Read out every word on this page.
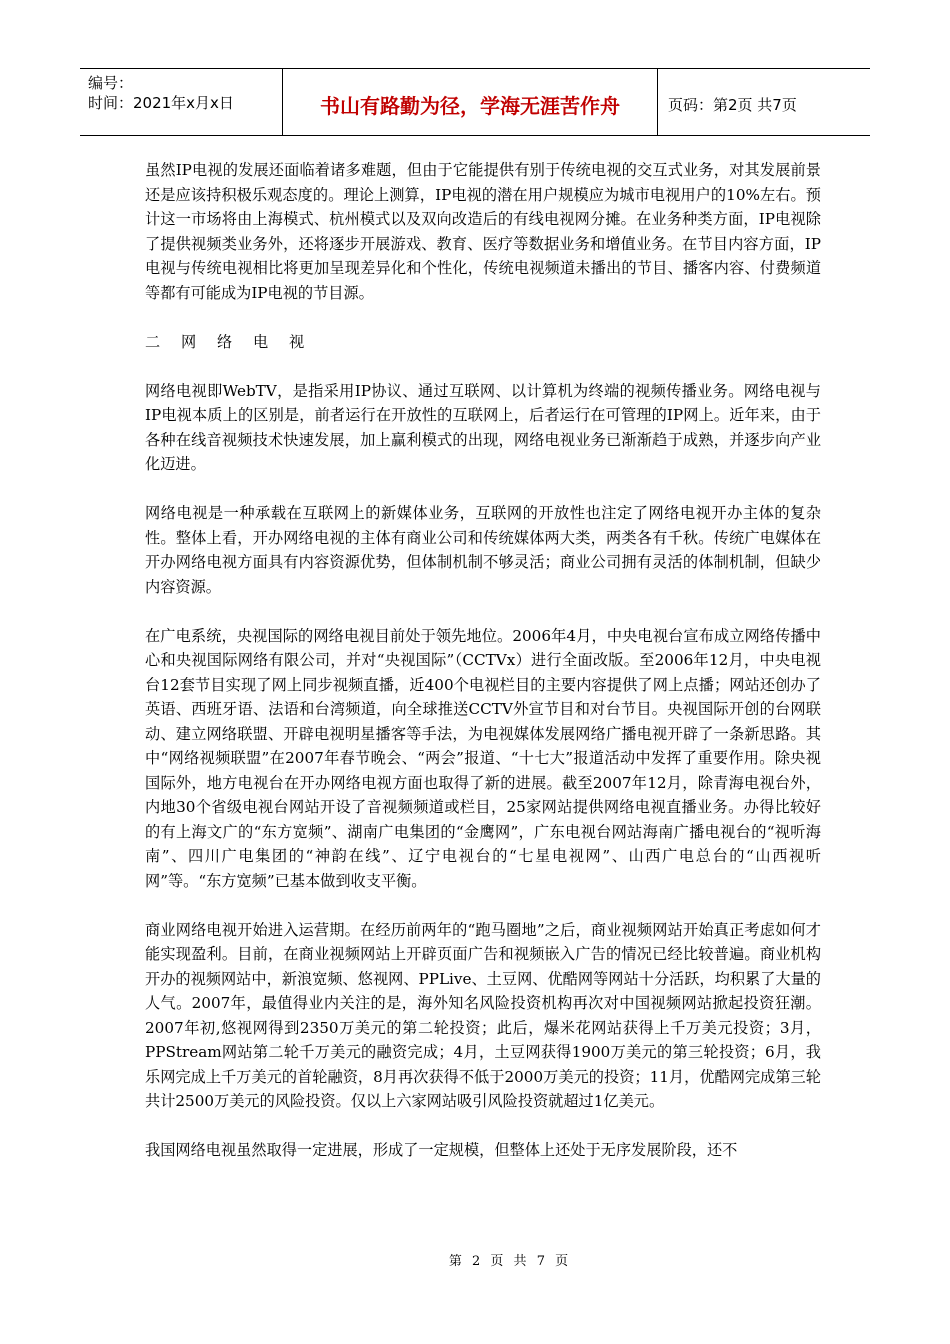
编号：
时间：2021年x月x日	书山有路勤为径，学海无涯苦作舟	页码：第2页 共7页

虽然IP电视的发展还面临着诸多难题，但由于它能提供有别于传统电视的交互式业务，对其发展前景还是应该持积极乐观态度的。理论上测算，IP电视的潜在用户规模应为城市电视用户的10%左右。预计这一市场将由上海模式、杭州模式以及双向改造后的有线电视网分摊。在业务种类方面，IP电视除了提供视频类业务外，还将逐步开展游戏、教育、医疗等数据业务和增值业务。在节目内容方面，IP电视与传统电视相比将更加呈现差异化和个性化，传统电视频道未播出的节目、播客内容、付费频道等都有可能成为IP电视的节目源。

二 网 络 电 视

网络电视即WebTV，是指采用IP协议、通过互联网、以计算机为终端的视频传播业务。网络电视与IP电视本质上的区别是，前者运行在开放性的互联网上，后者运行在可管理的IP网上。近年来，由于各种在线音视频技术快速发展，加上赢利模式的出现，网络电视业务已渐渐趋于成熟，并逐步向产业化迈进。

网络电视是一种承载在互联网上的新媒体业务，互联网的开放性也注定了网络电视开办主体的复杂性。整体上看，开办网络电视的主体有商业公司和传统媒体两大类，两类各有千秋。传统广电媒体在开办网络电视方面具有内容资源优势，但体制机制不够灵活；商业公司拥有灵活的体制机制，但缺少内容资源。

在广电系统，央视国际的网络电视目前处于领先地位。2006年4月，中央电视台宣布成立网络传播中心和央视国际网络有限公司，并对“央视国际”（CCTVx）进行全面改版。至2006年12月，中央电视台12套节目实现了网上同步视频直播，近400个电视栏目的主要内容提供了网上点播；网站还创办了英语、西班牙语、法语和台湾频道，向全球推送CCTV外宣节目和对台节目。央视国际开创的台网联动、建立网络联盟、开辟电视明星播客等手法，为电视媒体发展网络广播电视开辟了一条新思路。其中“网络视频联盟”在2007年春节晚会、“两会”报道、“十七大”报道活动中发挥了重要作用。除央视国际外，地方电视台在开办网络电视方面也取得了新的进展。截至2007年12月，除青海电视台外，内地30个省级电视台网站开设了音视频频道或栏目，25家网站提供网络电视直播业务。办得比较好的有上海文广的“东方宽频”、湖南广电集团的“金鹰网”，广东电视台网站海南广播电视台的“视听海南”、四川广电集团的“神韵在线”、辽宁电视台的“七星电视网”、山西广电总台的“山西视听网”等。“东方宽频”已基本做到收支平衡。

商业网络电视开始进入运营期。在经历前两年的“跑马圈地”之后，商业视频网站开始真正考虑如何才能实现盈利。目前，在商业视频网站上开辟页面广告和视频嵌入广告的情况已经比较普遍。商业机构开办的视频网站中，新浪宽频、悠视网、PPLive、土豆网、优酷网等网站十分活跃，均积累了大量的人气。2007年，最值得业内关注的是，海外知名风险投资机构再次对中国视频网站掀起投资狂潮。2007年初,悠视网得到2350万美元的第二轮投资；此后，爆米花网站获得上千万美元投资；3月，PPStream网站第二轮千万美元的融资完成；4月，土豆网获得1900万美元的第三轮投资；6月，我乐网完成上千万美元的首轮融资，8月再次获得不低于2000万美元的投资；11月，优酷网完成第三轮共计2500万美元的风险投资。仅以上六家网站吸引风险投资就超过1亿美元。

我国网络电视虽然取得一定进展，形成了一定规模，但整体上还处于无序发展阶段，还不

第 2 页 共 7 页
